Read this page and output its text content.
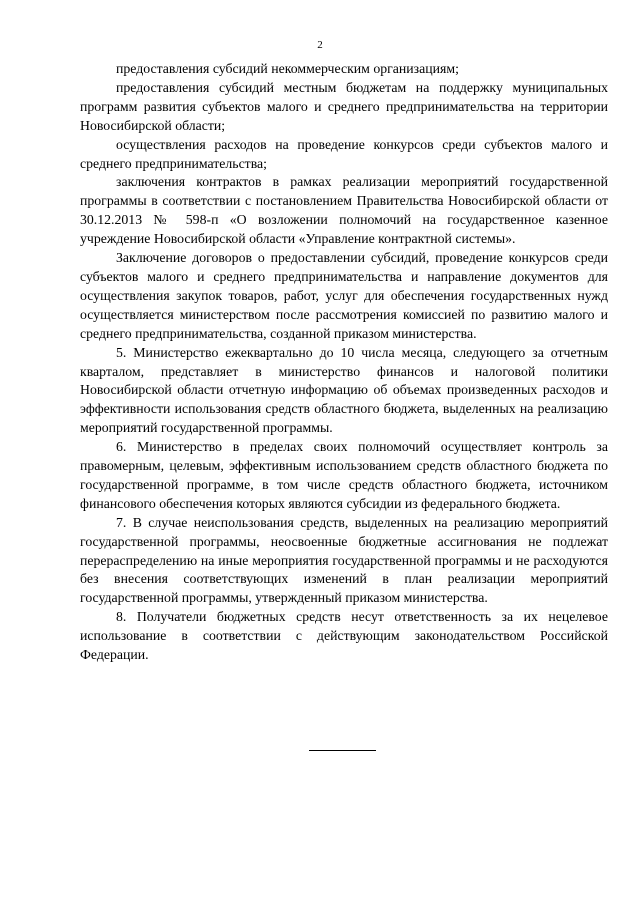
2

предоставления субсидий некоммерческим организациям;

предоставления субсидий местным бюджетам на поддержку муниципальных программ развития субъектов малого и среднего предпринимательства на территории Новосибирской области;

осуществления расходов на проведение конкурсов среди субъектов малого и среднего предпринимательства;

заключения контрактов в рамках реализации мероприятий государственной программы в соответствии с постановлением Правительства Новосибирской области от 30.12.2013 № 598-п «О возложении полномочий на государственное казенное учреждение Новосибирской области «Управление контрактной системы».

Заключение договоров о предоставлении субсидий, проведение конкурсов среди субъектов малого и среднего предпринимательства и направление документов для осуществления закупок товаров, работ, услуг для обеспечения государственных нужд осуществляется министерством после рассмотрения комиссией по развитию малого и среднего предпринимательства, созданной приказом министерства.

5. Министерство ежеквартально до 10 числа месяца, следующего за отчетным кварталом, представляет в министерство финансов и налоговой политики Новосибирской области отчетную информацию об объемах произведенных расходов и эффективности использования средств областного бюджета, выделенных на реализацию мероприятий государственной программы.

6. Министерство в пределах своих полномочий осуществляет контроль за правомерным, целевым, эффективным использованием средств областного бюджета по государственной программе, в том числе средств областного бюджета, источником финансового обеспечения которых являются субсидии из федерального бюджета.

7. В случае неиспользования средств, выделенных на реализацию мероприятий государственной программы, неосвоенные бюджетные ассигнования не подлежат перераспределению на иные мероприятия государственной программы и не расходуются без внесения соответствующих изменений в план реализации мероприятий государственной программы, утвержденный приказом министерства.

8. Получатели бюджетных средств несут ответственность за их нецелевое использование в соответствии с действующим законодательством Российской Федерации.
